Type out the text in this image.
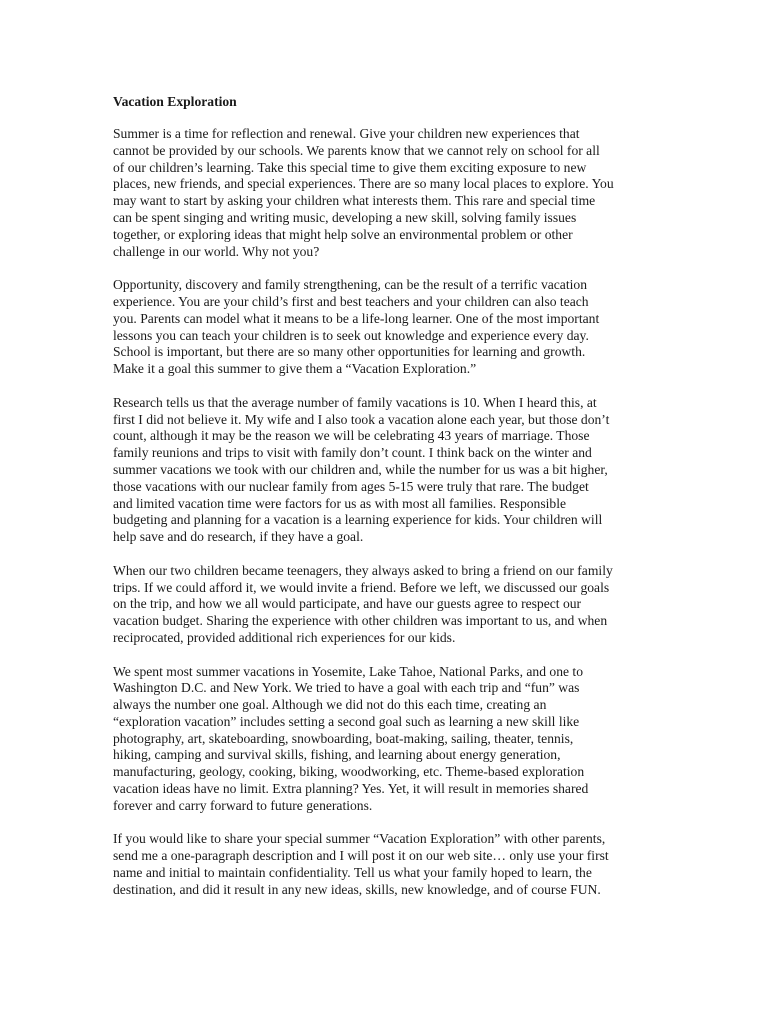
Vacation Exploration
Summer is a time for reflection and renewal. Give your children new experiences that
cannot be provided by our schools. We parents know that we cannot rely on school for all
of our children’s learning. Take this special time to give them exciting exposure to new
places, new friends, and special experiences. There are so many local places to explore. You
may want to start by asking your children what interests them. This rare and special time
can be spent singing and writing music, developing a new skill, solving family issues
together, or exploring ideas that might help solve an environmental problem or other
challenge in our world. Why not you?
Opportunity, discovery and family strengthening, can be the result of a terrific vacation
experience. You are your child’s first and best teachers and your children can also teach
you. Parents can model what it means to be a life-long learner. One of the most important
lessons you can teach your children is to seek out knowledge and experience every day.
School is important, but there are so many other opportunities for learning and growth.
Make it a goal this summer to give them a “Vacation Exploration.”
Research tells us that the average number of family vacations is 10. When I heard this, at
first I did not believe it. My wife and I also took a vacation alone each year, but those don’t
count, although it may be the reason we will be celebrating 43 years of marriage. Those
family reunions and trips to visit with family don’t count. I think back on the winter and
summer vacations we took with our children and, while the number for us was a bit higher,
those vacations with our nuclear family from ages 5-15 were truly that rare. The budget
and limited vacation time were factors for us as with most all families. Responsible
budgeting and planning for a vacation is a learning experience for kids. Your children will
help save and do research, if they have a goal.
When our two children became teenagers, they always asked to bring a friend on our family
trips. If we could afford it, we would invite a friend. Before we left, we discussed our goals
on the trip, and how we all would participate, and have our guests agree to respect our
vacation budget. Sharing the experience with other children was important to us, and when
reciprocated, provided additional rich experiences for our kids.
We spent most summer vacations in Yosemite, Lake Tahoe, National Parks, and one to
Washington D.C. and New York. We tried to have a goal with each trip and “fun” was
always the number one goal. Although we did not do this each time, creating an
“exploration vacation” includes setting a second goal such as learning a new skill like
photography, art, skateboarding, snowboarding, boat-making, sailing, theater, tennis,
hiking, camping and survival skills, fishing, and learning about energy generation,
manufacturing, geology, cooking, biking, woodworking, etc. Theme-based exploration
vacation ideas have no limit. Extra planning? Yes. Yet, it will result in memories shared
forever and carry forward to future generations.
If you would like to share your special summer “Vacation Exploration” with other parents,
send me a one-paragraph description and I will post it on our web site… only use your first
name and initial to maintain confidentiality. Tell us what your family hoped to learn, the
destination, and did it result in any new ideas, skills, new knowledge, and of course FUN.
